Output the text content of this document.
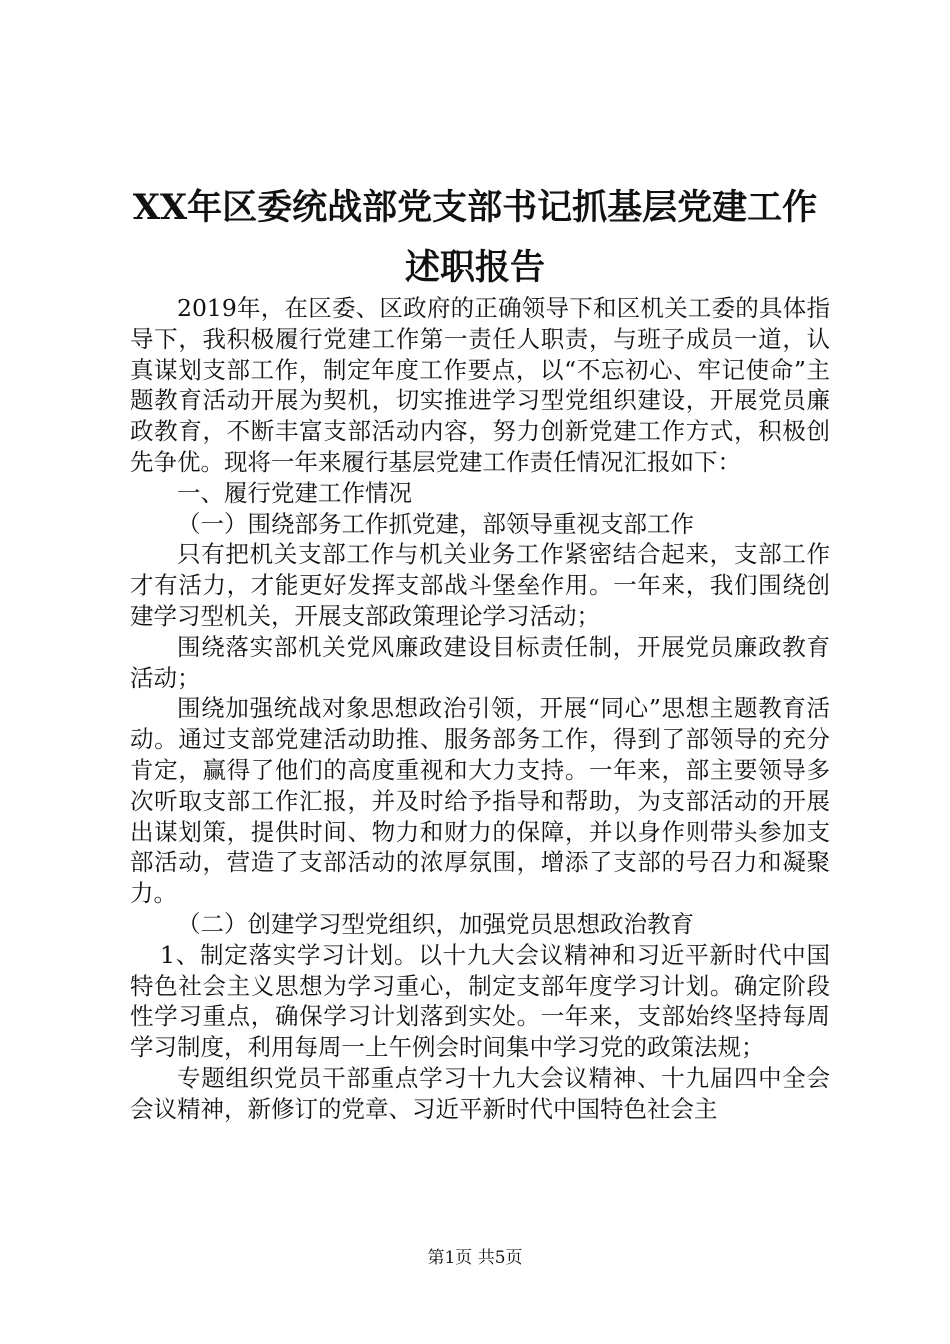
XX年区委统战部党支部书记抓基层党建工作
述职报告

2019年，在区委、区政府的正确领导下和区机关工委的具体指导下，我积极履行党建工作第一责任人职责，与班子成员一道，认真谋划支部工作，制定年度工作要点，以“不忘初心、牢记使命”主题教育活动开展为契机，切实推进学习型党组织建设，开展党员廉政教育，不断丰富支部活动内容，努力创新党建工作方式，积极创先争优。现将一年来履行基层党建工作责任情况汇报如下：

一、履行党建工作情况

（一）围绕部务工作抓党建，部领导重视支部工作

只有把机关支部工作与机关业务工作紧密结合起来，支部工作才有活力，才能更好发挥支部战斗堡垒作用。一年来，我们围绕创建学习型机关，开展支部政策理论学习活动；

围绕落实部机关党风廉政建设目标责任制，开展党员廉政教育活动；

围绕加强统战对象思想政治引领，开展“同心”思想主题教育活动。通过支部党建活动助推、服务部务工作，得到了部领导的充分肯定，赢得了他们的高度重视和大力支持。一年来，部主要领导多次听取支部工作汇报，并及时给予指导和帮助，为支部活动的开展出谋划策，提供时间、物力和财力的保障，并以身作则带头参加支部活动，营造了支部活动的浓厚氛围，增添了支部的号召力和凝聚力。

（二）创建学习型党组织，加强党员思想政治教育

1、制定落实学习计划。以十九大会议精神和习近平新时代中国特色社会主义思想为学习重心，制定支部年度学习计划。确定阶段性学习重点，确保学习计划落到实处。一年来，支部始终坚持每周学习制度，利用每周一上午例会时间集中学习党的政策法规；

专题组织党员干部重点学习十九大会议精神、十九届四中全会会议精神，新修订的党章、习近平新时代中国特色社会主

第1页 共5页
